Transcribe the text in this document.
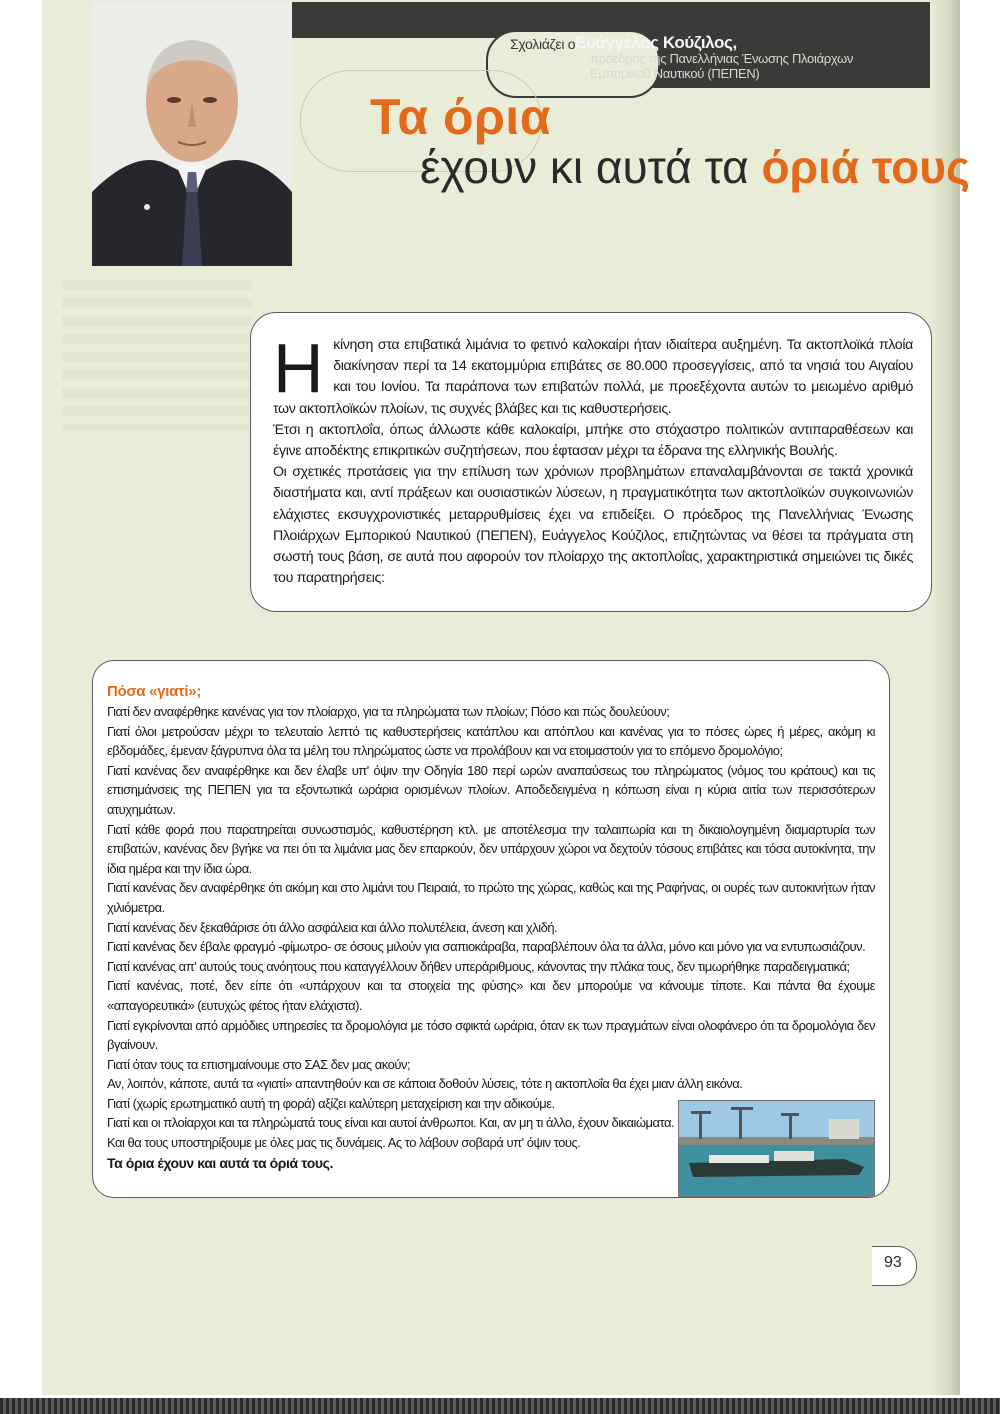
Σχολιάζει ο Ευάγγελος Κούζιλος,
πρόεδρος της Πανελλήνιας Ένωσης Πλοιάρχων
Εμπορικού Ναυτικού (ΠΕΠΕΝ)
Τα όρια
έχουν κι αυτά τα όριά τους
Η κίνηση στα επιβατικά λιμάνια το φετινό καλοκαίρι ήταν ιδιαίτερα αυξημένη. Τα ακτοπλοϊκά πλοία διακίνησαν περί τα 14 εκατομμύρια επιβάτες σε 80.000 προσεγγίσεις, από τα νησιά του Αιγαίου και του Ιονίου. Τα παράπονα των επιβατών πολλά, με προεξέχοντα αυτών το μειωμένο αριθμό των ακτοπλοϊκών πλοίων, τις συχνές βλάβες και τις καθυστερήσεις.

Έτσι η ακτοπλοΐα, όπως άλλωστε κάθε καλοκαίρι, μπήκε στο στόχαστρο πολιτικών αντιπαραθέσεων και έγινε αποδέκτης επικριτικών συζητήσεων, που έφτασαν μέχρι τα έδρανα της ελληνικής Βουλής.

Οι σχετικές προτάσεις για την επίλυση των χρόνιων προβλημάτων επαναλαμβάνονται σε τακτά χρονικά διαστήματα και, αντί πράξεων και ουσιαστικών λύσεων, η πραγματικότητα των ακτοπλοϊκών συγκοινωνιών ελάχιστες εκσυγχρονιστικές μεταρρυθμίσεις έχει να επιδείξει. Ο πρόεδρος της Πανελλήνιας Ένωσης Πλοιάρχων Εμπορικού Ναυτικού (ΠΕΠΕΝ), Ευάγγελος Κούζιλος, επιζητώντας να θέσει τα πράγματα στη σωστή τους βάση, σε αυτά που αφορούν τον πλοίαρχο της ακτοπλοΐας, χαρακτηριστικά σημειώνει τις δικές του παρατηρήσεις:

Πόσα «γιατί»;
Γιατί δεν αναφέρθηκε κανένας για τον πλοίαρχο, για τα πληρώματα των πλοίων; Πόσο και πώς δουλεύουν;
Γιατί όλοι μετρούσαν μέχρι το τελευταίο λεπτό τις καθυστερήσεις κατάπλου και απόπλου και κανένας για το πόσες ώρες ή μέρες, ακόμη κι εβδομάδες, έμεναν ξάγρυπνα όλα τα μέλη του πληρώματος ώστε να προλάβουν και να ετοιμαστούν για το επόμενο δρομολόγιο;
Γιατί κανένας δεν αναφέρθηκε και δεν έλαβε υπ' όψιν την Οδηγία 180 περί ωρών αναπαύσεως του πληρώματος (νόμος του κράτους) και τις επισημάνσεις της ΠΕΠΕΝ για τα εξοντωτικά ωράρια ορισμένων πλοίων. Αποδεδειγμένα η κόπωση είναι η κύρια αιτία των περισσότερων ατυχημάτων.
Γιατί κάθε φορά που παρατηρείται συνωστισμός, καθυστέρηση κτλ. με αποτέλεσμα την ταλαιπωρία και τη δικαιολογημένη διαμαρτυρία των επιβατών, κανένας δεν βγήκε να πει ότι τα λιμάνια μας δεν επαρκούν, δεν υπάρχουν χώροι να δεχτούν τόσους επιβάτες και τόσα αυτοκίνητα, την ίδια ημέρα και την ίδια ώρα.
Γιατί κανένας δεν αναφέρθηκε ότι ακόμη και στο λιμάνι του Πειραιά, το πρώτο της χώρας, καθώς και της Ραφήνας, οι ουρές των αυτοκινήτων ήταν χιλιόμετρα.
Γιατί κανένας δεν ξεκαθάρισε ότι άλλο ασφάλεια και άλλο πολυτέλεια, άνεση και χλιδή.
Γιατί κανένας δεν έβαλε φραγμό -φίμωτρο- σε όσους μιλούν για σαπιοκάραβα, παραβλέπουν όλα τα άλλα, μόνο και μόνο για να εντυπωσιάζουν.
Γιατί κανένας απ' αυτούς τους ανόητους που καταγγέλλουν δήθεν υπεράριθμους, κάνοντας την πλάκα τους, δεν τιμωρήθηκε παραδειγματικά;
Γιατί κανένας, ποτέ, δεν είπε ότι «υπάρχουν και τα στοιχεία της φύσης» και δεν μπορούμε να κάνουμε τίποτε. Και πάντα θα έχουμε «απαγορευτικά» (ευτυχώς φέτος ήταν ελάχιστα).
Γιατί εγκρίνονται από αρμόδιες υπηρεσίες τα δρομολόγια με τόσο σφικτά ωράρια, όταν εκ των πραγμάτων είναι ολοφάνερο ότι τα δρομολόγια δεν βγαίνουν.
Γιατί όταν τους τα επισημαίνουμε στο ΣΑΣ δεν μας ακούν;
Αν, λοιπόν, κάποτε, αυτά τα «γιατί» απαντηθούν και σε κάποια δοθούν λύσεις, τότε η ακτοπλοΐα θα έχει μιαν άλλη εικόνα.
Γιατί (χωρίς ερωτηματικό αυτή τη φορά) αξίζει καλύτερη μεταχείριση και την αδικούμε.
Γιατί και οι πλοίαρχοι και τα πληρώματά τους είναι και αυτοί άνθρωποι. Και, αν μη τι άλλο, έχουν δικαιώματα.
Και θα τους υποστηρίξουμε με όλες μας τις δυνάμεις. Ας το λάβουν σοβαρά υπ' όψιν τους.
Τα όρια έχουν και αυτά τα όριά τους.
93
